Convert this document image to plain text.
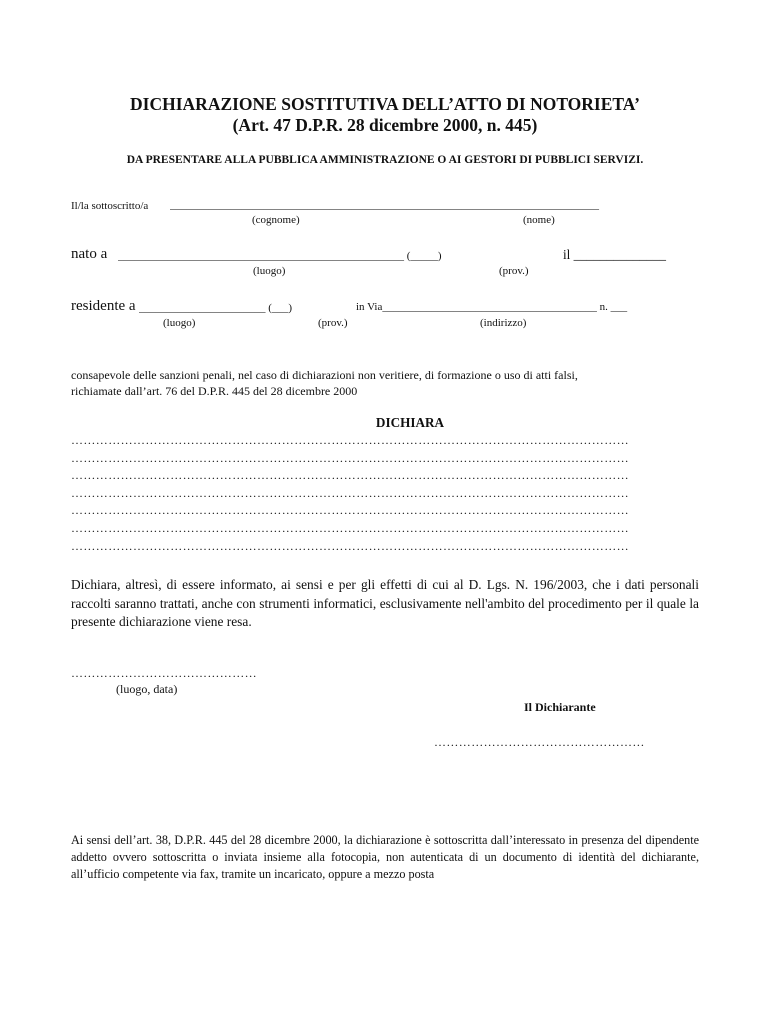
DICHIARAZIONE SOSTITUTIVA DELL’ATTO DI NOTORIETA’
(Art. 47 D.P.R. 28 dicembre 2000, n. 445)
DA PRESENTARE ALLA PUBBLICA AMMINISTRAZIONE O AI GESTORI DI PUBBLICI SERVIZI.
Il/la sottoscritto/a ______________________________________________________________________________
(cognome)	(nome)
nato a ____________________________________________________ (_____)	il ______________
(luogo)	(prov.)
residente a _______________________ (___)	in Via_______________________________________ n. ___
(luogo)	(prov.)	(indirizzo)
consapevole delle sanzioni penali, nel caso di dichiarazioni non veritiere, di formazione o uso di atti falsi,
richiamate dall’art. 76 del D.P.R. 445 del 28 dicembre 2000
DICHIARA
………………………………………………………………………………………………………………………
………………………………………………………………………………………………………………………
………………………………………………………………………………………………………………………
………………………………………………………………………………………………………………………
………………………………………………………………………………………………………………………
………………………………………………………………………………………………………………………
………………………………………………………………………………………………………………………
Dichiara, altresì, di essere informato, ai sensi e per gli effetti di cui al D. Lgs. N. 196/2003, che i dati personali raccolti saranno trattati, anche con strumenti informatici, esclusivamente nell'ambito del procedimento per il quale la presente dichiarazione viene resa.
………………………………………
(luogo, data)
Il Dichiarante
……………………………………………
Ai sensi dell’art. 38, D.P.R. 445 del 28 dicembre 2000, la dichiarazione è sottoscritta dall’interessato in presenza del dipendente addetto ovvero sottoscritta o inviata insieme alla fotocopia, non autenticata di un documento di identità del dichiarante, all’ufficio competente via fax, tramite un incaricato, oppure a mezzo posta
